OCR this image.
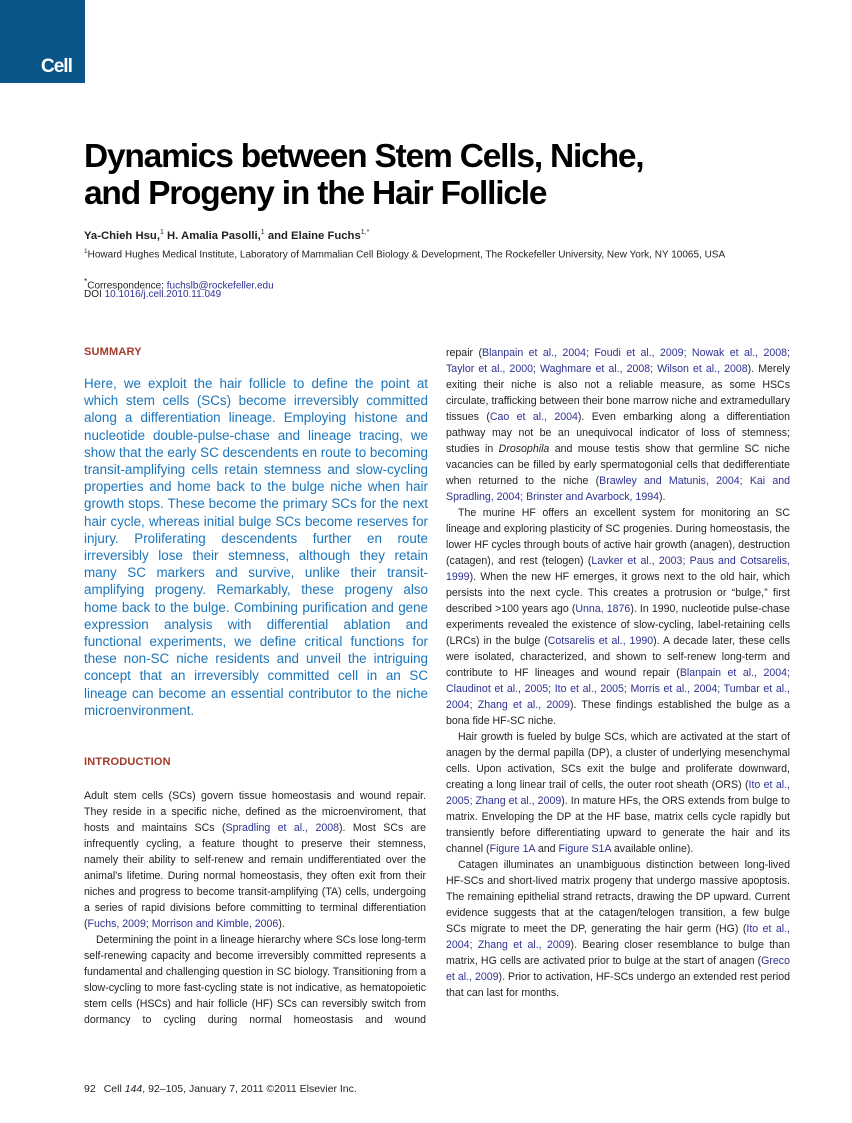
Cell
Dynamics between Stem Cells, Niche,
and Progeny in the Hair Follicle
Ya-Chieh Hsu,$^1$ H. Amalia Pasolli,$^1$ and Elaine Fuchs$^{1,*}$
$^1$Howard Hughes Medical Institute, Laboratory of Mammalian Cell Biology & Development, The Rockefeller University, New York, NY 10065, USA
*Correspondence: fuchslb@rockefeller.edu
DOI 10.1016/j.cell.2010.11.049
SUMMARY

Here, we exploit the hair follicle to define the point at which stem cells (SCs) become irreversibly committed along a differentiation lineage. Employing histone and nucleotide double-pulse-chase and lineage tracing, we show that the early SC descendents en route to becoming transit-amplifying cells retain stemness and slow-cycling properties and home back to the bulge niche when hair growth stops. These become the primary SCs for the next hair cycle, whereas initial bulge SCs become reserves for injury. Proliferating descendents further en route irreversibly lose their stemness, although they retain many SC markers and survive, unlike their transit-amplifying progeny. Remarkably, these progeny also home back to the bulge. Combining purification and gene expression analysis with differential ablation and functional experiments, we define critical functions for these non-SC niche residents and unveil the intriguing concept that an irreversibly committed cell in an SC lineage can become an essential contributor to the niche microenvironment.

INTRODUCTION

Adult stem cells (SCs) govern tissue homeostasis and wound repair. They reside in a specific niche, defined as the microenviroment, that hosts and maintains SCs (Spradling et al., 2008). Most SCs are infrequently cycling, a feature thought to preserve their stemness, namely their ability to self-renew and remain undifferentiated over the animal's lifetime. During normal homeostasis, they often exit from their niches and progress to become transit-amplifying (TA) cells, undergoing a series of rapid divisions before committing to terminal differentiation (Fuchs, 2009; Morrison and Kimble, 2006).

Determining the point in a lineage hierarchy where SCs lose long-term self-renewing capacity and become irreversibly committed represents a fundamental and challenging question in SC biology. Transitioning from a slow-cycling to more fast-cycling state is not indicative, as hematopoietic stem cells (HSCs) and hair follicle (HF) SCs can reversibly switch from dormancy to cycling during normal homeostasis and wound

repair (Blanpain et al., 2004; Foudi et al., 2009; Nowak et al., 2008; Taylor et al., 2000; Waghmare et al., 2008; Wilson et al., 2008). Merely exiting their niche is also not a reliable measure, as some HSCs circulate, trafficking between their bone marrow niche and extramedullary tissues (Cao et al., 2004). Even embarking along a differentiation pathway may not be an unequivocal indicator of loss of stemness; studies in Drosophila and mouse testis show that germline SC niche vacancies can be filled by early spermatogonial cells that dedifferentiate when returned to the niche (Brawley and Matunis, 2004; Kai and Spradling, 2004; Brinster and Avarbock, 1994).

The murine HF offers an excellent system for monitoring an SC lineage and exploring plasticity of SC progenies. During homeostasis, the lower HF cycles through bouts of active hair growth (anagen), destruction (catagen), and rest (telogen) (Lavker et al., 2003; Paus and Cotsarelis, 1999). When the new HF emerges, it grows next to the old hair, which persists into the next cycle. This creates a protrusion or “bulge,” first described >100 years ago (Unna, 1876). In 1990, nucleotide pulse-chase experiments revealed the existence of slow-cycling, label-retaining cells (LRCs) in the bulge (Cotsarelis et al., 1990). A decade later, these cells were isolated, characterized, and shown to self-renew long-term and contribute to HF lineages and wound repair (Blanpain et al., 2004; Claudinot et al., 2005; Ito et al., 2005; Morris et al., 2004; Tumbar et al., 2004; Zhang et al., 2009). These findings established the bulge as a bona fide HF-SC niche.

Hair growth is fueled by bulge SCs, which are activated at the start of anagen by the dermal papilla (DP), a cluster of underlying mesenchymal cells. Upon activation, SCs exit the bulge and proliferate downward, creating a long linear trail of cells, the outer root sheath (ORS) (Ito et al., 2005; Zhang et al., 2009). In mature HFs, the ORS extends from bulge to matrix. Enveloping the DP at the HF base, matrix cells cycle rapidly but transiently before differentiating upward to generate the hair and its channel (Figure 1A and Figure S1A available online).

Catagen illuminates an unambiguous distinction between long-lived HF-SCs and short-lived matrix progeny that undergo massive apoptosis. The remaining epithelial strand retracts, drawing the DP upward. Current evidence suggests that at the catagen/telogen transition, a few bulge SCs migrate to meet the DP, generating the hair germ (HG) (Ito et al., 2004; Zhang et al., 2009). Bearing closer resemblance to bulge than matrix, HG cells are activated prior to bulge at the start of anagen (Greco et al., 2009). Prior to activation, HF-SCs undergo an extended rest period that can last for months.

92 Cell 144, 92–105, January 7, 2011 ©2011 Elsevier Inc.
